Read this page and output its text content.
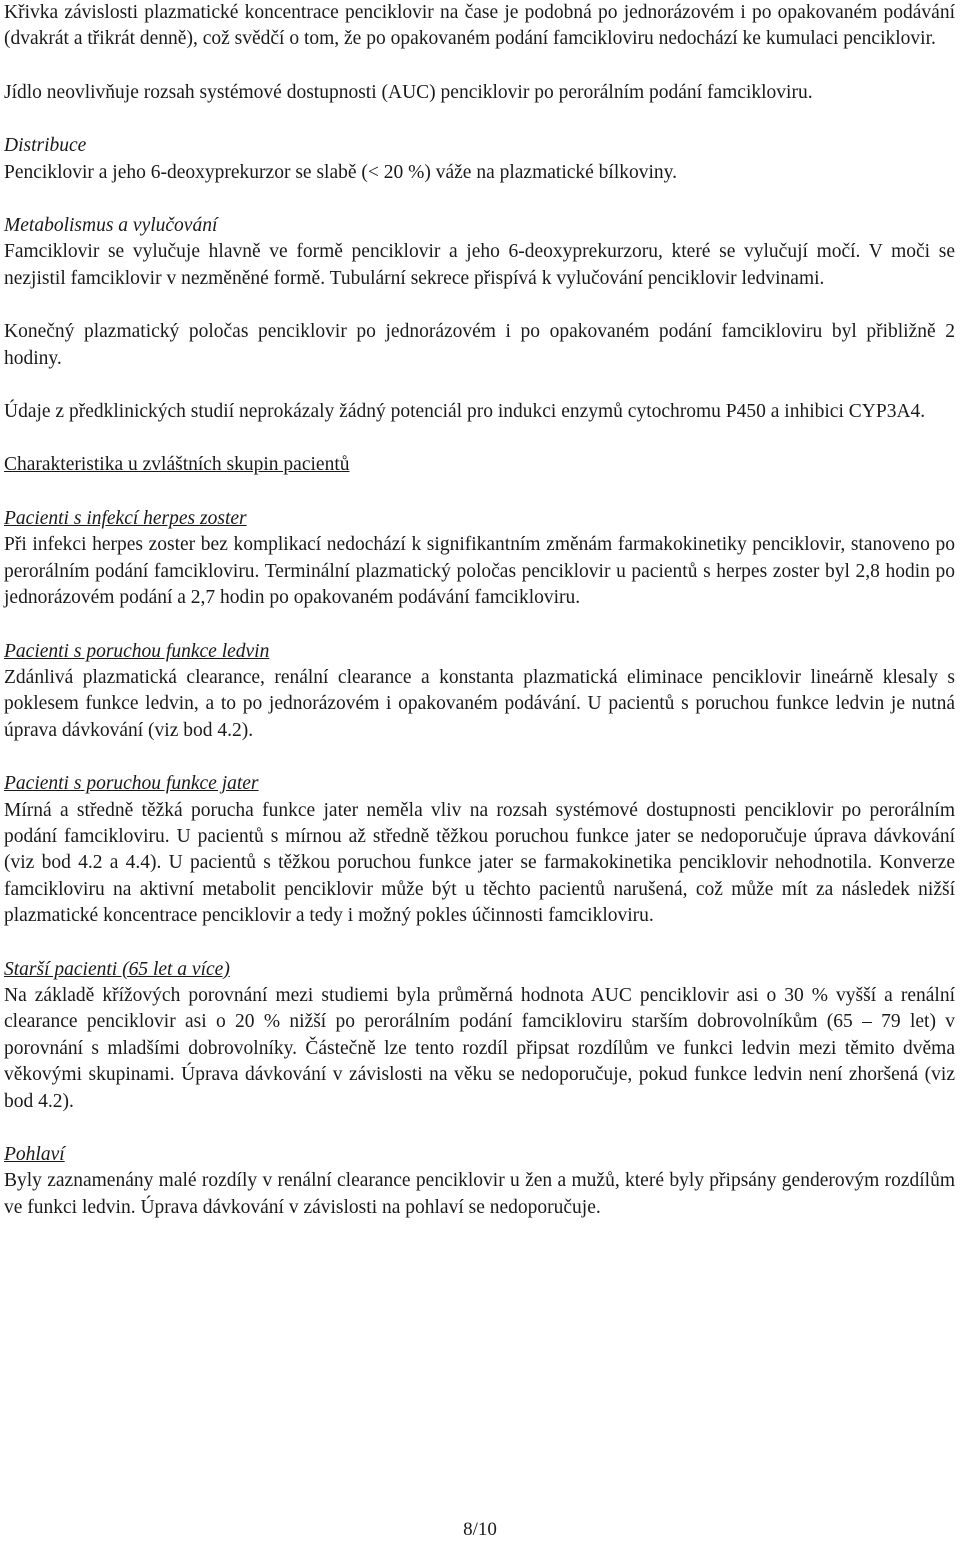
Křivka závislosti plazmatické koncentrace penciklovir na čase je podobná po jednorázovém i po opakovaném podávání (dvakrát a třikrát denně), což svědčí o tom, že po opakovaném podání famcikloviru nedochází ke kumulaci penciklovir.

Jídlo neovlivňuje rozsah systémové dostupnosti (AUC) penciklovir po perorálním podání famcikloviru.

Distribuce

Penciklovir a jeho 6-deoxyprekurzor se slabě (< 20 %) váže na plazmatické bílkoviny.

Metabolismus a vylučování

Famciklovir se vylučuje hlavně ve formě penciklovir a jeho 6-deoxyprekurzoru, které se vylučují močí. V moči se nezjistil famciklovir v nezměněné formě. Tubulární sekrece přispívá k vylučování penciklovir ledvinami.

Konečný plazmatický poločas penciklovir po jednorázovém i po opakovaném podání famcikloviru byl přibližně 2 hodiny.

Údaje z předklinických studií neprokázaly žádný potenciál pro indukci enzymů cytochromu P450 a inhibici CYP3A4.

Charakteristika u zvláštních skupin pacientů

Pacienti s infekcí herpes zoster

Při infekci herpes zoster bez komplikací nedochází k signifikantním změnám farmakokinetiky penciklovir, stanoveno po perorálním podání famcikloviru. Terminální plazmatický poločas penciklovir u pacientů s herpes zoster byl 2,8 hodin po jednorázovém podání a 2,7 hodin po opakovaném podávání famcikloviru.

Pacienti s poruchou funkce ledvin

Zdánlivá plazmatická clearance, renální clearance a konstanta plazmatická eliminace penciklovir lineárně klesaly s poklesem funkce ledvin, a to po jednorázovém i opakovaném podávání. U pacientů s poruchou funkce ledvin je nutná úprava dávkování (viz bod 4.2).

Pacienti s poruchou funkce jater

Mírná a středně těžká porucha funkce jater neměla vliv na rozsah systémové dostupnosti penciklovir po perorálním podání famcikloviru. U pacientů s mírnou až středně těžkou poruchou funkce jater se nedoporučuje úprava dávkování (viz bod 4.2 a 4.4). U pacientů s těžkou poruchou funkce jater se farmakokinetika penciklovir nehodnotila. Konverze famcikloviru na aktivní metabolit penciklovir může být u těchto pacientů narušená, což může mít za následek nižší plazmatické koncentrace penciklovir a tedy i možný pokles účinnosti famcikloviru.

Starší pacienti (65 let a více)

Na základě křížových porovnání mezi studiemi byla průměrná hodnota AUC penciklovir asi o 30 % vyšší a renální clearance penciklovir asi o 20 % nižší po perorálním podání famcikloviru starším dobrovolníkům (65 – 79 let) v porovnání s mladšími dobrovolníky. Částečně lze tento rozdíl připsat rozdílům ve funkci ledvin mezi těmito dvěma věkovými skupinami. Úprava dávkování v závislosti na věku se nedoporučuje, pokud funkce ledvin není zhoršená (viz bod 4.2).

Pohlaví

Byly zaznamenány malé rozdíly v renální clearance penciklovir u žen a mužů, které byly připsány genderovým rozdílům ve funkci ledvin. Úprava dávkování v závislosti na pohlaví se nedoporučuje.

8/10
